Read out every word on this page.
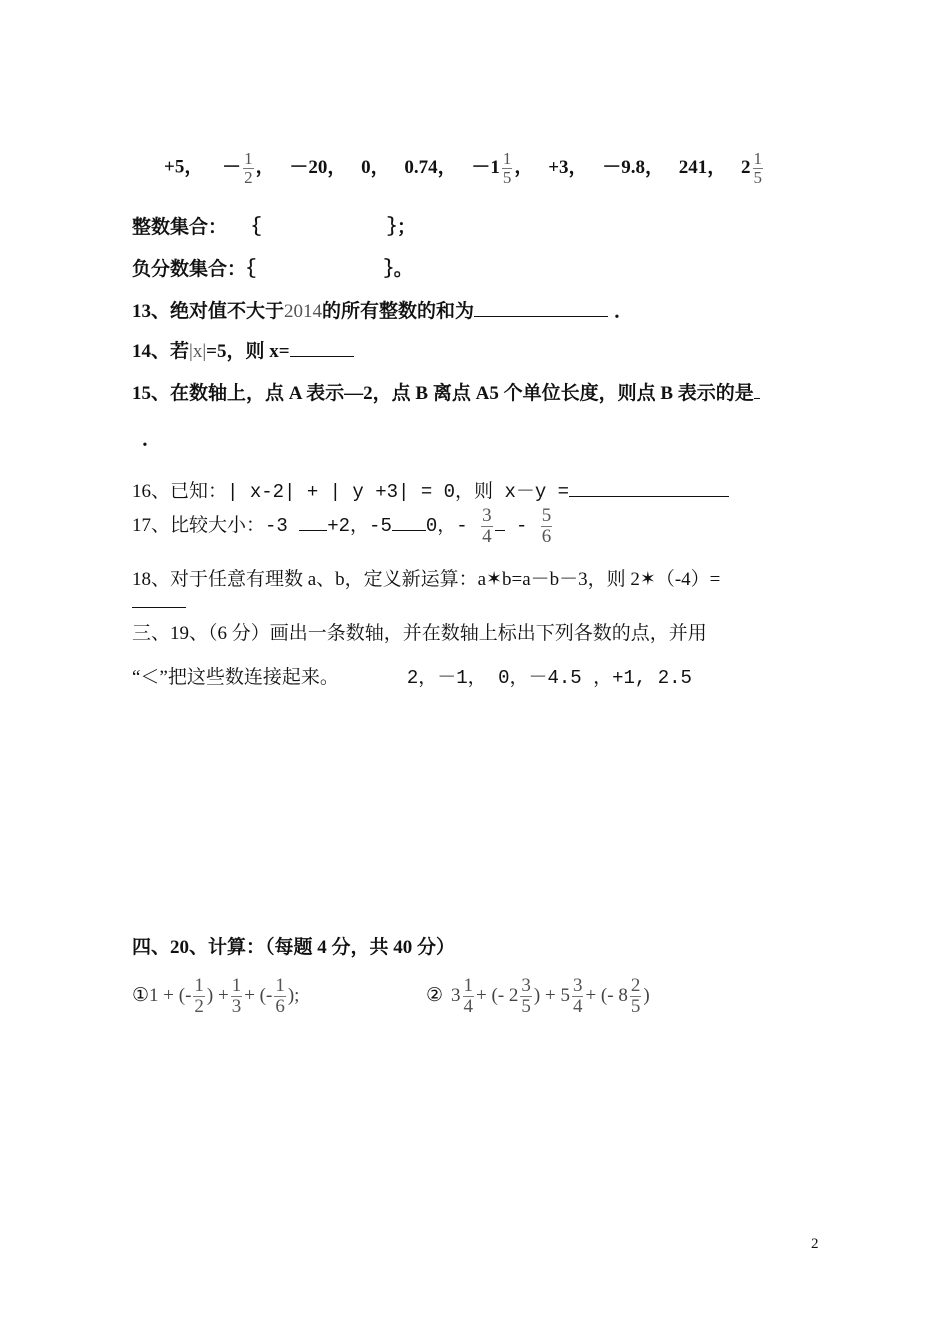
+5， － $\frac{1}{2}$ ， －20， 0， 0.74， $-1 \frac{1}{5}$ ， +3， －9.8， 241， $2 \frac{1}{5}$
整数集合： ｛	｝；
负分数集合：｛	｝。
13、绝对值不大于2014的所有整数的和为	．
14、若|x|=5，则 x=
15、在数轴上，点 A 表示—2，点 B 离点 A5 个单位长度，则点 B 表示的是
．
16、已知：| x-2| + | y +3| = 0，则 x－y =
17、比较大小：-3 +2，-5 0，- $\frac{3}{4} - \frac{5}{6}$
18、对于任意有理数 a、b，定义新运算：a✶b=a－b－3，则 2✶（-4）=
三、19、（6 分）画出一条数轴，并在数轴上标出下列各数的点，并用
“＜”把这些数连接起来。	2，－1， 0，－4.5 ，+1, 2.5
四、20、计算：（每题 4 分，共 40 分）
①1 + (- $\frac{1}{2}$ ) + $\frac{1}{3}$ + (- $\frac{1}{6}$ );	② $3 \frac{1}{4}$ + (- $2 \frac{3}{5}$ ) + $5 \frac{3}{4}$ + (- $8 \frac{2}{5}$ )
2
